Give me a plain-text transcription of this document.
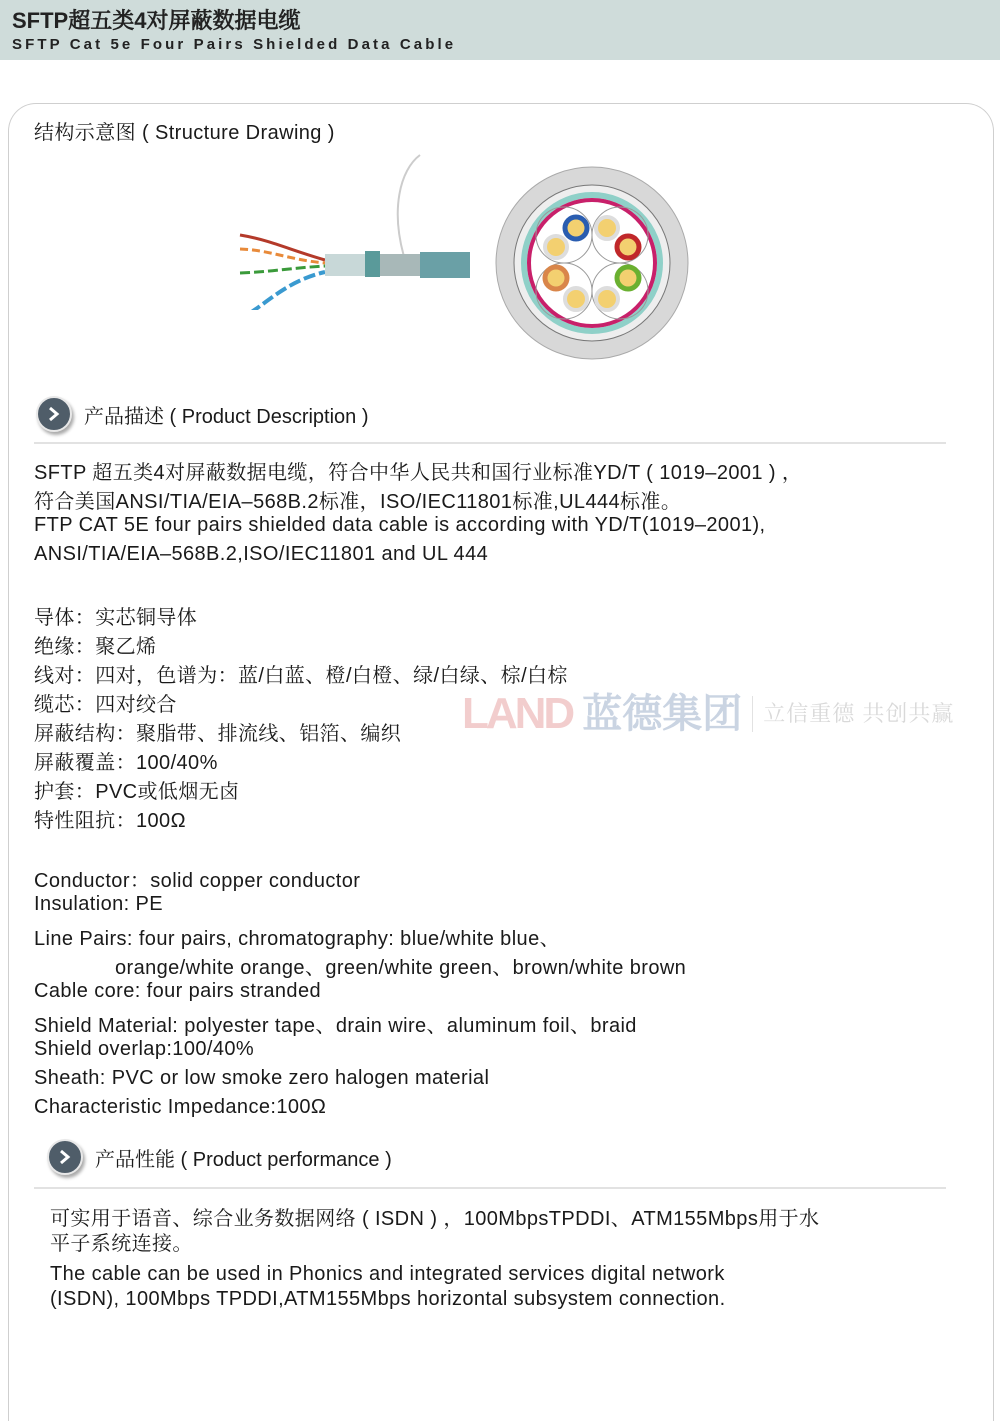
SFTP超五类4对屏蔽数据电缆
SFTP Cat 5e Four Pairs Shielded Data Cable
结构示意图 ( Structure Drawing )
产品描述 ( Product Description )
SFTP 超五类4对屏蔽数据电缆，符合中华人民共和国行业标准YD/T ( 1019–2001 ) ，
符合美国ANSI/TIA/EIA–568B.2标准，ISO/IEC11801标准,UL444标准。
FTP CAT 5E four pairs shielded data cable is according with YD/T(1019–2001),
ANSI/TIA/EIA–568B.2,ISO/IEC11801 and UL 444
导体：实芯铜导体
绝缘：聚乙烯
线对：四对，色谱为：蓝/白蓝、橙/白橙、绿/白绿、棕/白棕
缆芯：四对绞合
屏蔽结构：聚脂带、排流线、铝箔、编织
屏蔽覆盖：100/40%
护套：PVC或低烟无卤
特性阻抗：100Ω
LAND 蓝德集团 立信重德 共创共赢
Conductor：solid copper conductor
Insulation: PE
Line Pairs: four pairs, chromatography: blue/white blue、
orange/white orange、green/white green、brown/white brown
Cable core: four pairs stranded
Shield Material: polyester tape、drain wire、aluminum foil、braid
Shield overlap:100/40%
Sheath: PVC or low smoke zero halogen material
Characteristic Impedance:100Ω
产品性能 ( Product performance )
可实用于语音、综合业务数据网络 ( ISDN ) ，100MbpsTPDDI、ATM155Mbps用于水
平子系统连接。
The cable can be used in Phonics and integrated services digital network
(ISDN), 100Mbps TPDDI,ATM155Mbps horizontal subsystem connection.
